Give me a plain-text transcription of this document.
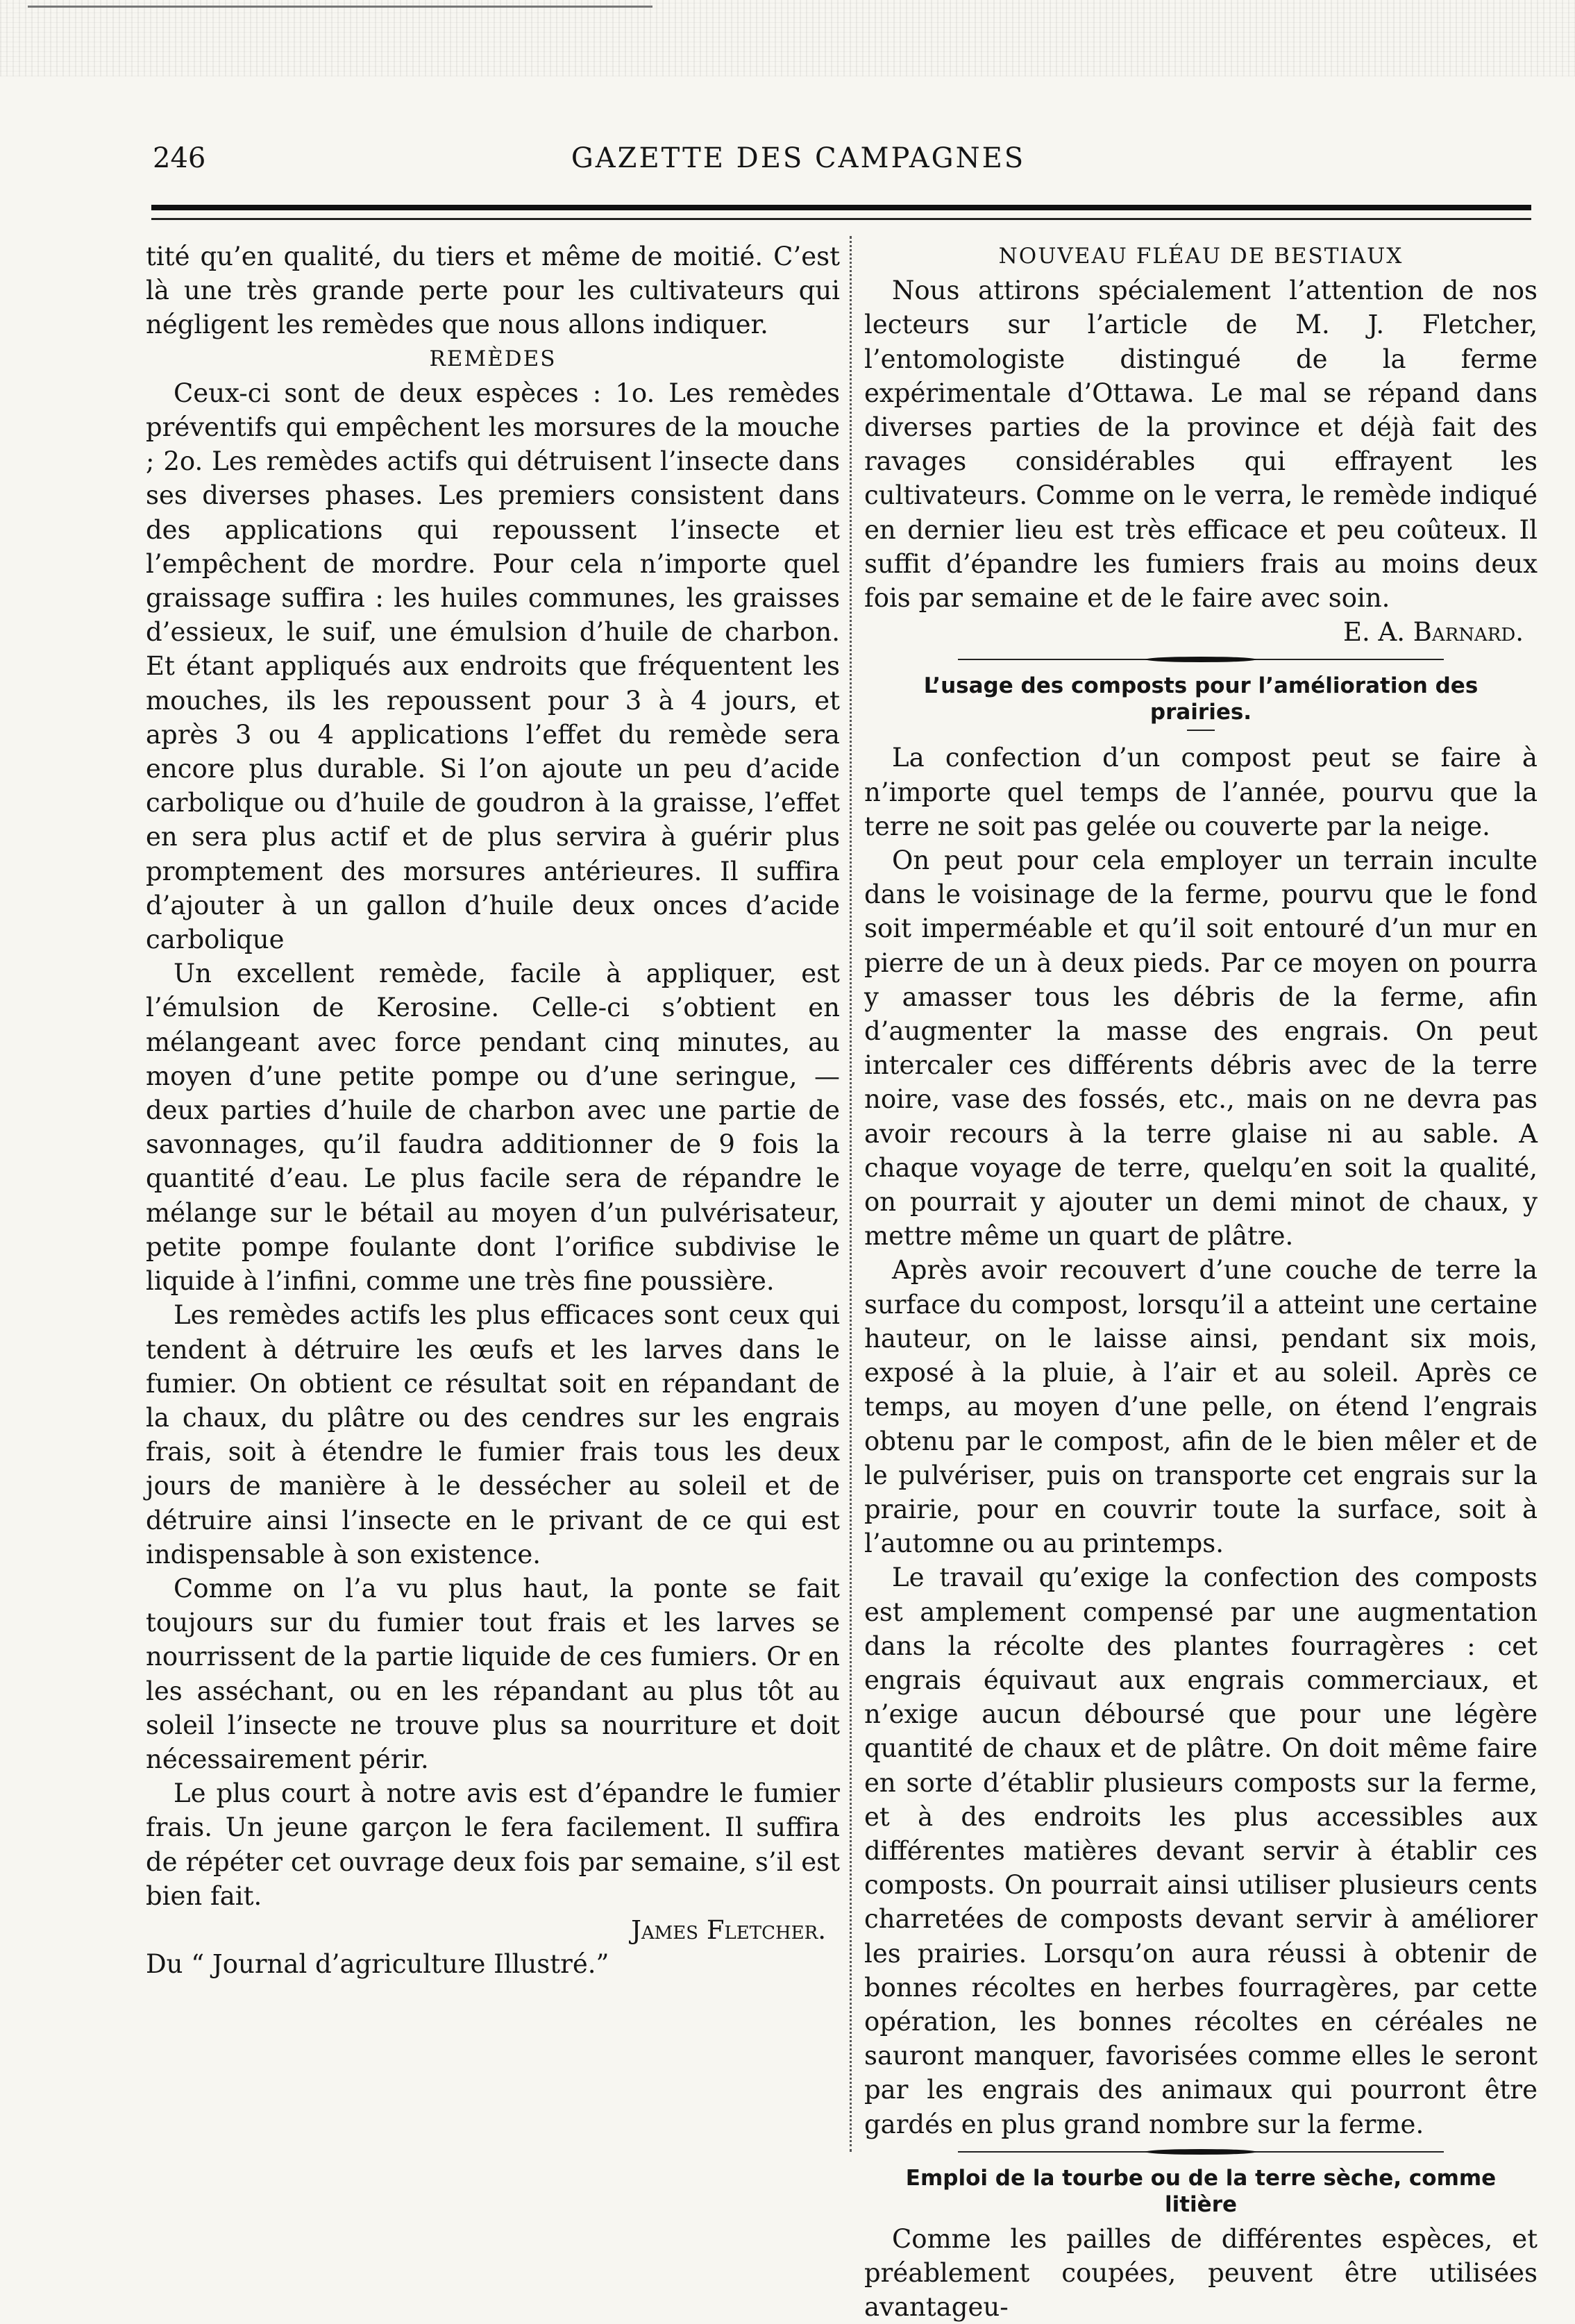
246	GAZETTE DES CAMPAGNES

tité qu’en qualité, du tiers et même de moitié. C’est là une très grande perte pour les cultivateurs qui négligent les remèdes que nous allons indiquer.

REMÈDES

Ceux-ci sont de deux espèces : 1o. Les remèdes préventifs qui empêchent les morsures de la mouche ; 2o. Les remèdes actifs qui détruisent l’insecte dans ses diverses phases. Les premiers consistent dans des applications qui repoussent l’insecte et l’empêchent de mordre. Pour cela n’importe quel graissage suffira : les huiles communes, les graisses d’essieux, le suif, une émulsion d’huile de charbon. Et étant appliqués aux endroits que fréquentent les mouches, ils les repoussent pour 3 à 4 jours, et après 3 ou 4 applications l’effet du remède sera encore plus durable. Si l’on ajoute un peu d’acide carbolique ou d’huile de goudron à la graisse, l’effet en sera plus actif et de plus servira à guérir plus promptement des morsures antérieures. Il suffira d’ajouter à un gallon d’huile deux onces d’acide carbolique

Un excellent remède, facile à appliquer, est l’émulsion de Kerosine. Celle-ci s’obtient en mélangeant avec force pendant cinq minutes, au moyen d’une petite pompe ou d’une seringue, — deux parties d’huile de charbon avec une partie de savonnages, qu’il faudra additionner de 9 fois la quantité d’eau. Le plus facile sera de répandre le mélange sur le bétail au moyen d’un pulvérisateur, petite pompe foulante dont l’orifice subdivise le liquide à l’infini, comme une très fine poussière.

Les remèdes actifs les plus efficaces sont ceux qui tendent à détruire les œufs et les larves dans le fumier. On obtient ce résultat soit en répandant de la chaux, du plâtre ou des cendres sur les engrais frais, soit à étendre le fumier frais tous les deux jours de manière à le dessécher au soleil et de détruire ainsi l’insecte en le privant de ce qui est indispensable à son existence.

Comme on l’a vu plus haut, la ponte se fait toujours sur du fumier tout frais et les larves se nourrissent de la partie liquide de ces fumiers. Or en les asséchant, ou en les répandant au plus tôt au soleil l’insecte ne trouve plus sa nourriture et doit nécessairement périr.

Le plus court à notre avis est d’épandre le fumier frais. Un jeune garçon le fera facilement. Il suffira de répéter cet ouvrage deux fois par semaine, s’il est bien fait.

James Fletcher.

Du “ Journal d’agriculture Illustré.”

NOUVEAU FLÉAU DE BESTIAUX

Nous attirons spécialement l’attention de nos lecteurs sur l’article de M. J. Fletcher, l’entomologiste distingué de la ferme expérimentale d’Ottawa. Le mal se répand dans diverses parties de la province et déjà fait des ravages considérables qui effrayent les cultivateurs. Comme on le verra, le remède indiqué en dernier lieu est très efficace et peu coûteux. Il suffit d’épandre les fumiers frais au moins deux fois par semaine et de le faire avec soin.

E. A. Barnard.

L’usage des composts pour l’amélioration des prairies.

La confection d’un compost peut se faire à n’importe quel temps de l’année, pourvu que la terre ne soit pas gelée ou couverte par la neige.

On peut pour cela employer un terrain inculte dans le voisinage de la ferme, pourvu que le fond soit imperméable et qu’il soit entouré d’un mur en pierre de un à deux pieds. Par ce moyen on pourra y amasser tous les débris de la ferme, afin d’augmenter la masse des engrais. On peut intercaler ces différents débris avec de la terre noire, vase des fossés, etc., mais on ne devra pas avoir recours à la terre glaise ni au sable. A chaque voyage de terre, quelqu’en soit la qualité, on pourrait y ajouter un demi minot de chaux, y mettre même un quart de plâtre.

Après avoir recouvert d’une couche de terre la surface du compost, lorsqu’il a atteint une certaine hauteur, on le laisse ainsi, pendant six mois, exposé à la pluie, à l’air et au soleil. Après ce temps, au moyen d’une pelle, on étend l’engrais obtenu par le compost, afin de le bien mêler et de le pulvériser, puis on transporte cet engrais sur la prairie, pour en couvrir toute la surface, soit à l’automne ou au printemps.

Le travail qu’exige la confection des composts est amplement compensé par une augmentation dans la récolte des plantes fourragères : cet engrais équivaut aux engrais commerciaux, et n’exige aucun déboursé que pour une légère quantité de chaux et de plâtre. On doit même faire en sorte d’établir plusieurs composts sur la ferme, et à des endroits les plus accessibles aux différentes matières devant servir à établir ces composts. On pourrait ainsi utiliser plusieurs cents charretées de composts devant servir à améliorer les prairies. Lorsqu’on aura réussi à obtenir de bonnes récoltes en herbes fourragères, par cette opération, les bonnes récoltes en céréales ne sauront manquer, favorisées comme elles le seront par les engrais des animaux qui pourront être gardés en plus grand nombre sur la ferme.

Emploi de la tourbe ou de la terre sèche, comme litière

Comme les pailles de différentes espèces, et préablement coupées, peuvent être utilisées avantageu-
